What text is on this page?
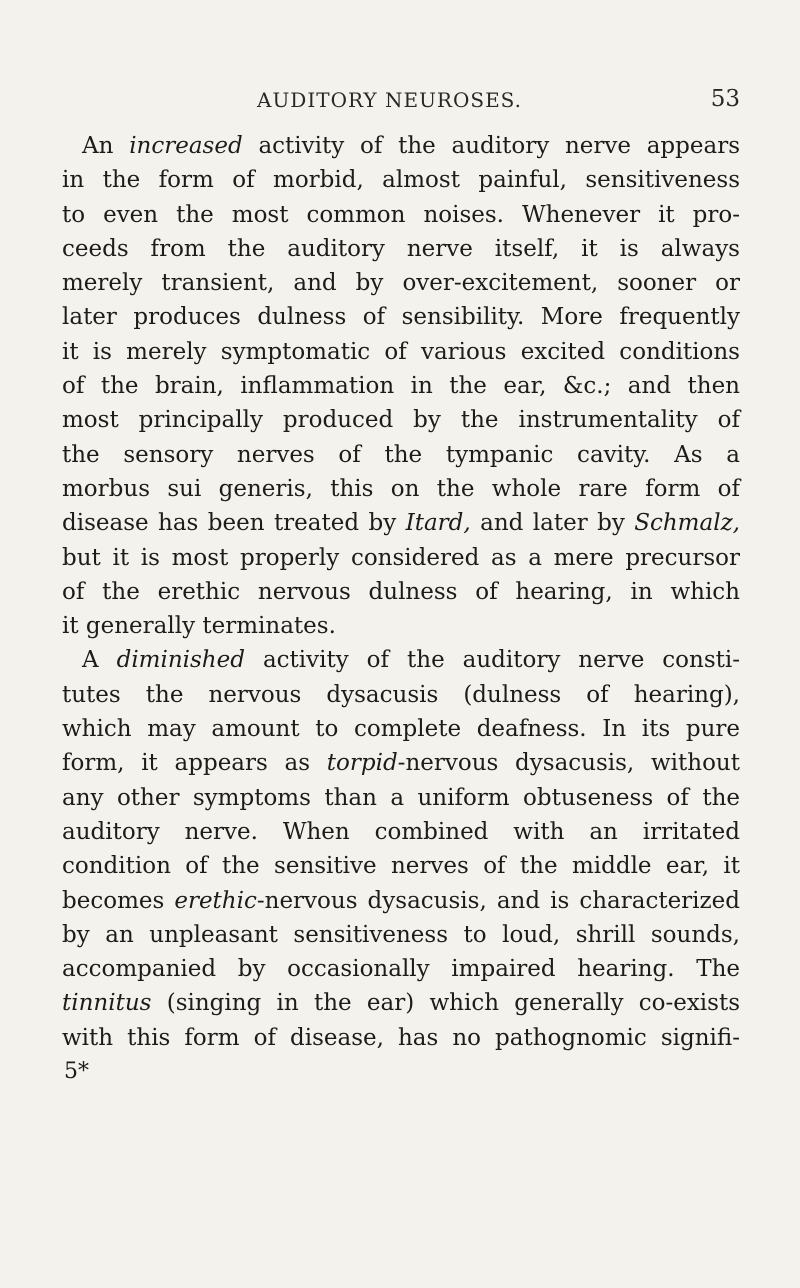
AUDITORY NEUROSES.	53
An increased activity of the auditory nerve appears
in the form of morbid, almost painful, sensitiveness
to even the most common noises. Whenever it pro-
ceeds from the auditory nerve itself, it is always
merely transient, and by over-excitement, sooner or
later produces dulness of sensibility. More frequently
it is merely symptomatic of various excited conditions
of the brain, inflammation in the ear, &c.; and then
most principally produced by the instrumentality of
the sensory nerves of the tympanic cavity. As a
morbus sui generis, this on the whole rare form of
disease has been treated by Itard, and later by Schmalz,
but it is most properly considered as a mere precursor
of the erethic nervous dulness of hearing, in which
it generally terminates.
A diminished activity of the auditory nerve consti-
tutes the nervous dysacusis (dulness of hearing),
which may amount to complete deafness. In its pure
form, it appears as torpid-nervous dysacusis, without
any other symptoms than a uniform obtuseness of the
auditory nerve. When combined with an irritated
condition of the sensitive nerves of the middle ear, it
becomes erethic-nervous dysacusis, and is characterized
by an unpleasant sensitiveness to loud, shrill sounds,
accompanied by occasionally impaired hearing. The
tinnitus (singing in the ear) which generally co-exists
with this form of disease, has no pathognomic signifi-
5*
